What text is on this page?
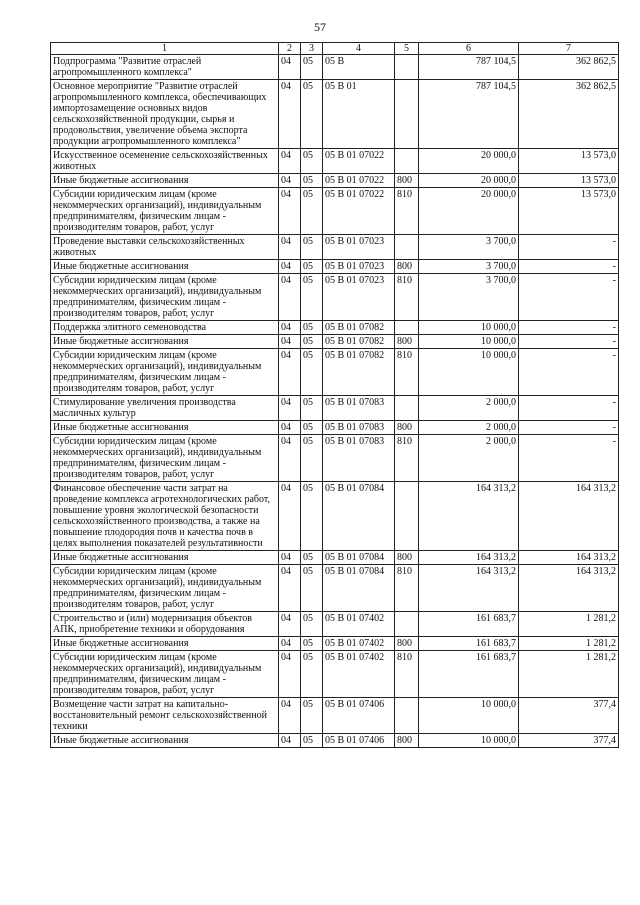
57
1	2	3	4	5	6	7
Подпрограмма "Развитие отраслей агропромышленного комплекса"	04	05	05 В		787 104,5	362 862,5
Основное мероприятие "Развитие отраслей агропромышленного комплекса, обеспечивающих импортозамещение основных видов сельскохозяйственной продукции, сырья и продовольствия, увеличение объема экспорта продукции агропромышленного комплекса"	04	05	05 В 01		787 104,5	362 862,5
Искусственное осеменение сельскохозяйственных животных	04	05	05 В 01 07022		20 000,0	13 573,0
Иные бюджетные ассигнования	04	05	05 В 01 07022	800	20 000,0	13 573,0
Субсидии юридическим лицам (кроме некоммерческих организаций), индивидуальным предпринимателям, физическим лицам - производителям товаров, работ, услуг	04	05	05 В 01 07022	810	20 000,0	13 573,0
Проведение выставки сельскохозяйственных животных	04	05	05 В 01 07023		3 700,0	-
Иные бюджетные ассигнования	04	05	05 В 01 07023	800	3 700,0	-
Субсидии юридическим лицам (кроме некоммерческих организаций), индивидуальным предпринимателям, физическим лицам - производителям товаров, работ, услуг	04	05	05 В 01 07023	810	3 700,0	-
Поддержка элитного семеноводства	04	05	05 В 01 07082		10 000,0	-
Иные бюджетные ассигнования	04	05	05 В 01 07082	800	10 000,0	-
Субсидии юридическим лицам (кроме некоммерческих организаций), индивидуальным предпринимателям, физическим лицам - производителям товаров, работ, услуг	04	05	05 В 01 07082	810	10 000,0	-
Стимулирование увеличения производства масличных культур	04	05	05 В 01 07083		2 000,0	-
Иные бюджетные ассигнования	04	05	05 В 01 07083	800	2 000,0	-
Субсидии юридическим лицам (кроме некоммерческих организаций), индивидуальным предпринимателям, физическим лицам - производителям товаров, работ, услуг	04	05	05 В 01 07083	810	2 000,0	-
Финансовое обеспечение части затрат на проведение комплекса агротехнологических работ, повышение уровня экологической безопасности сельскохозяйственного производства, а также на повышение плодородия почв и качества почв в целях выполнения показателей результативности	04	05	05 В 01 07084		164 313,2	164 313,2
Иные бюджетные ассигнования	04	05	05 В 01 07084	800	164 313,2	164 313,2
Субсидии юридическим лицам (кроме некоммерческих организаций), индивидуальным предпринимателям, физическим лицам - производителям товаров, работ, услуг	04	05	05 В 01 07084	810	164 313,2	164 313,2
Строительство и (или) модернизация объектов АПК, приобретение техники и оборудования	04	05	05 В 01 07402		161 683,7	1 281,2
Иные бюджетные ассигнования	04	05	05 В 01 07402	800	161 683,7	1 281,2
Субсидии юридическим лицам (кроме некоммерческих организаций), индивидуальным предпринимателям, физическим лицам - производителям товаров, работ, услуг	04	05	05 В 01 07402	810	161 683,7	1 281,2
Возмещение части затрат на капитально-восстановительный ремонт сельскохозяйственной техники	04	05	05 В 01 07406		10 000,0	377,4
Иные бюджетные ассигнования	04	05	05 В 01 07406	800	10 000,0	377,4
